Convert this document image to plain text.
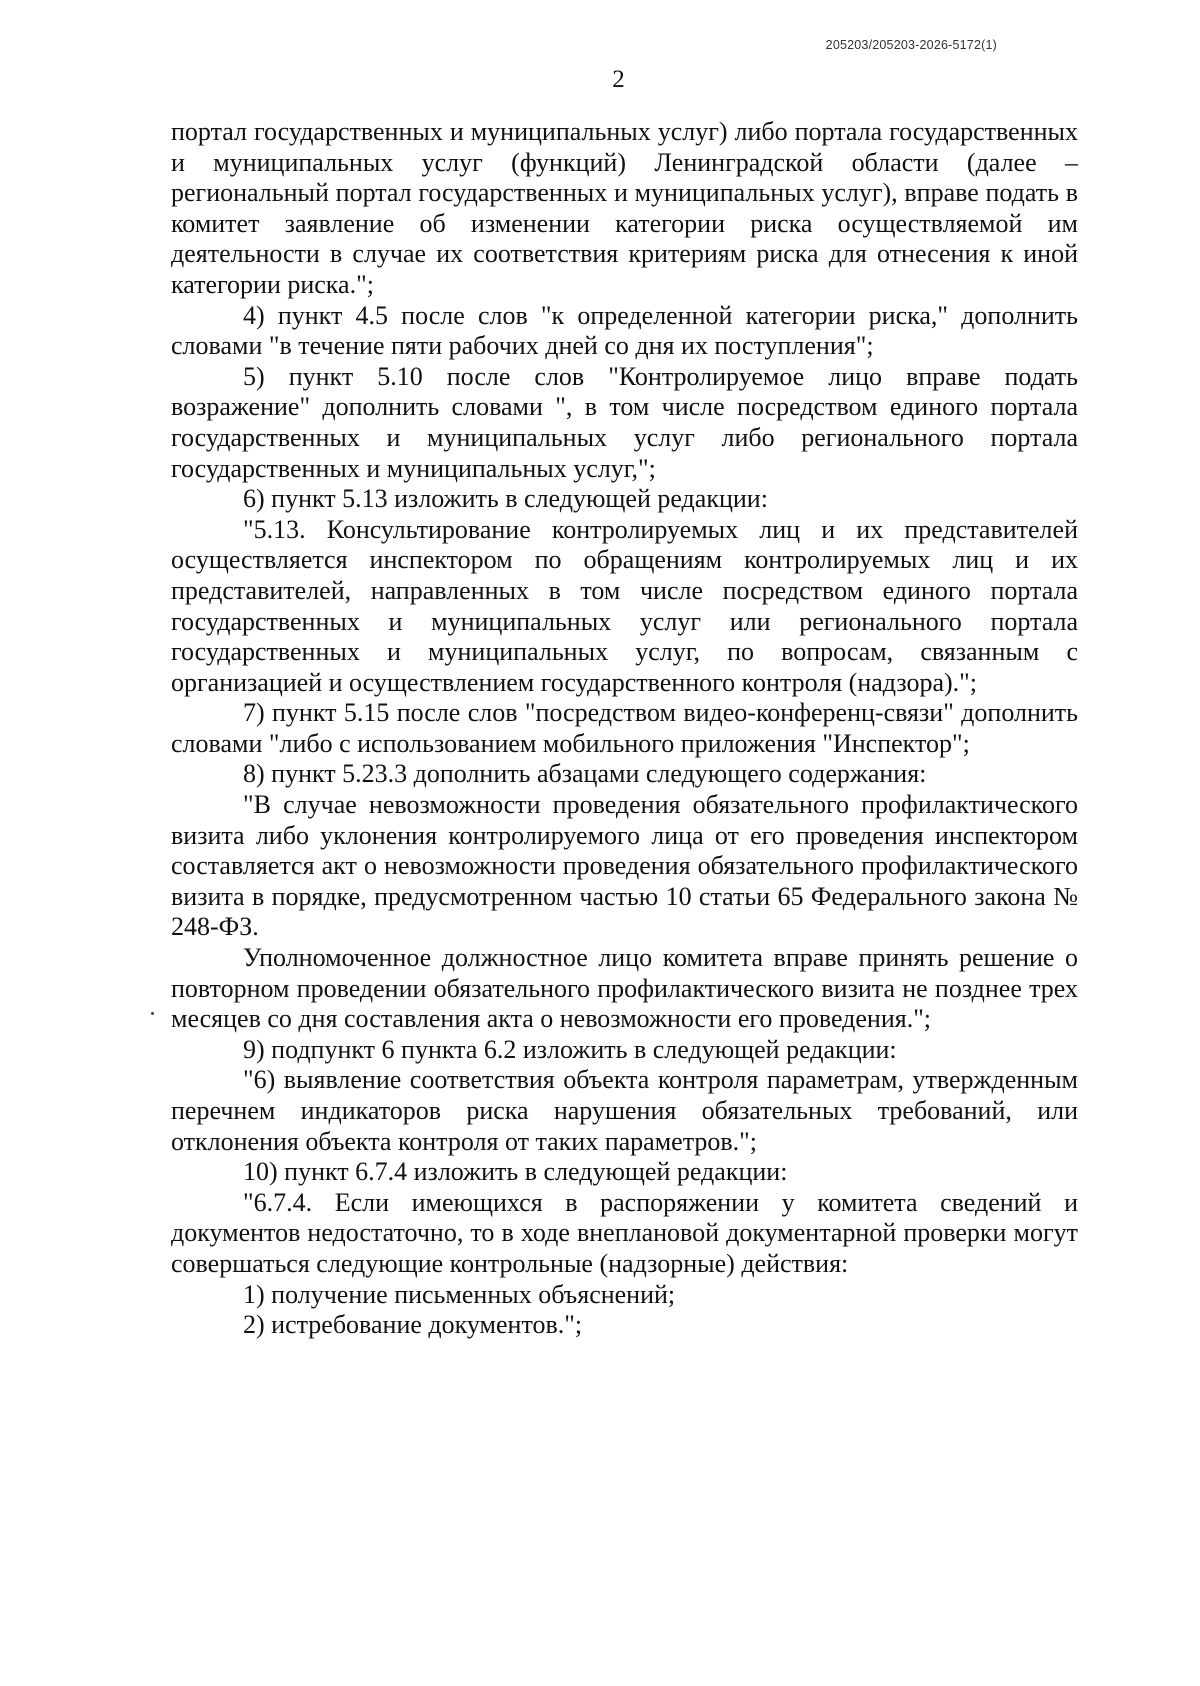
205203/205203-2026-5172(1)
2

портал государственных и муниципальных услуг) либо портала государственных и муниципальных услуг (функций) Ленинградской области (далее – региональный портал государственных и муниципальных услуг), вправе подать в комитет заявление об изменении категории риска осуществляемой им деятельности в случае их соответствия критериям риска для отнесения к иной категории риска.";

4) пункт 4.5 после слов "к определенной категории риска," дополнить словами "в течение пяти рабочих дней со дня их поступления";

5) пункт 5.10 после слов "Контролируемое лицо вправе подать возражение" дополнить словами ", в том числе посредством единого портала государственных и муниципальных услуг либо регионального портала государственных и муниципальных услуг,";

6) пункт 5.13 изложить в следующей редакции:

"5.13. Консультирование контролируемых лиц и их представителей осуществляется инспектором по обращениям контролируемых лиц и их представителей, направленных в том числе посредством единого портала государственных и муниципальных услуг или регионального портала государственных и муниципальных услуг, по вопросам, связанным с организацией и осуществлением государственного контроля (надзора).";

7) пункт 5.15 после слов "посредством видео-конференц-связи" дополнить словами "либо с использованием мобильного приложения "Инспектор";

8) пункт 5.23.3 дополнить абзацами следующего содержания:

"В случае невозможности проведения обязательного профилактического визита либо уклонения контролируемого лица от его проведения инспектором составляется акт о невозможности проведения обязательного профилактического визита в порядке, предусмотренном частью 10 статьи 65 Федерального закона № 248-ФЗ.

Уполномоченное должностное лицо комитета вправе принять решение о повторном проведении обязательного профилактического визита не позднее трех месяцев со дня составления акта о невозможности его проведения.";

9) подпункт 6 пункта 6.2 изложить в следующей редакции:

"6) выявление соответствия объекта контроля параметрам, утвержденным перечнем индикаторов риска нарушения обязательных требований, или отклонения объекта контроля от таких параметров.";

10) пункт 6.7.4 изложить в следующей редакции:

"6.7.4. Если имеющихся в распоряжении у комитета сведений и документов недостаточно, то в ходе внеплановой документарной проверки могут совершаться следующие контрольные (надзорные) действия:

1) получение письменных объяснений;

2) истребование документов.";
